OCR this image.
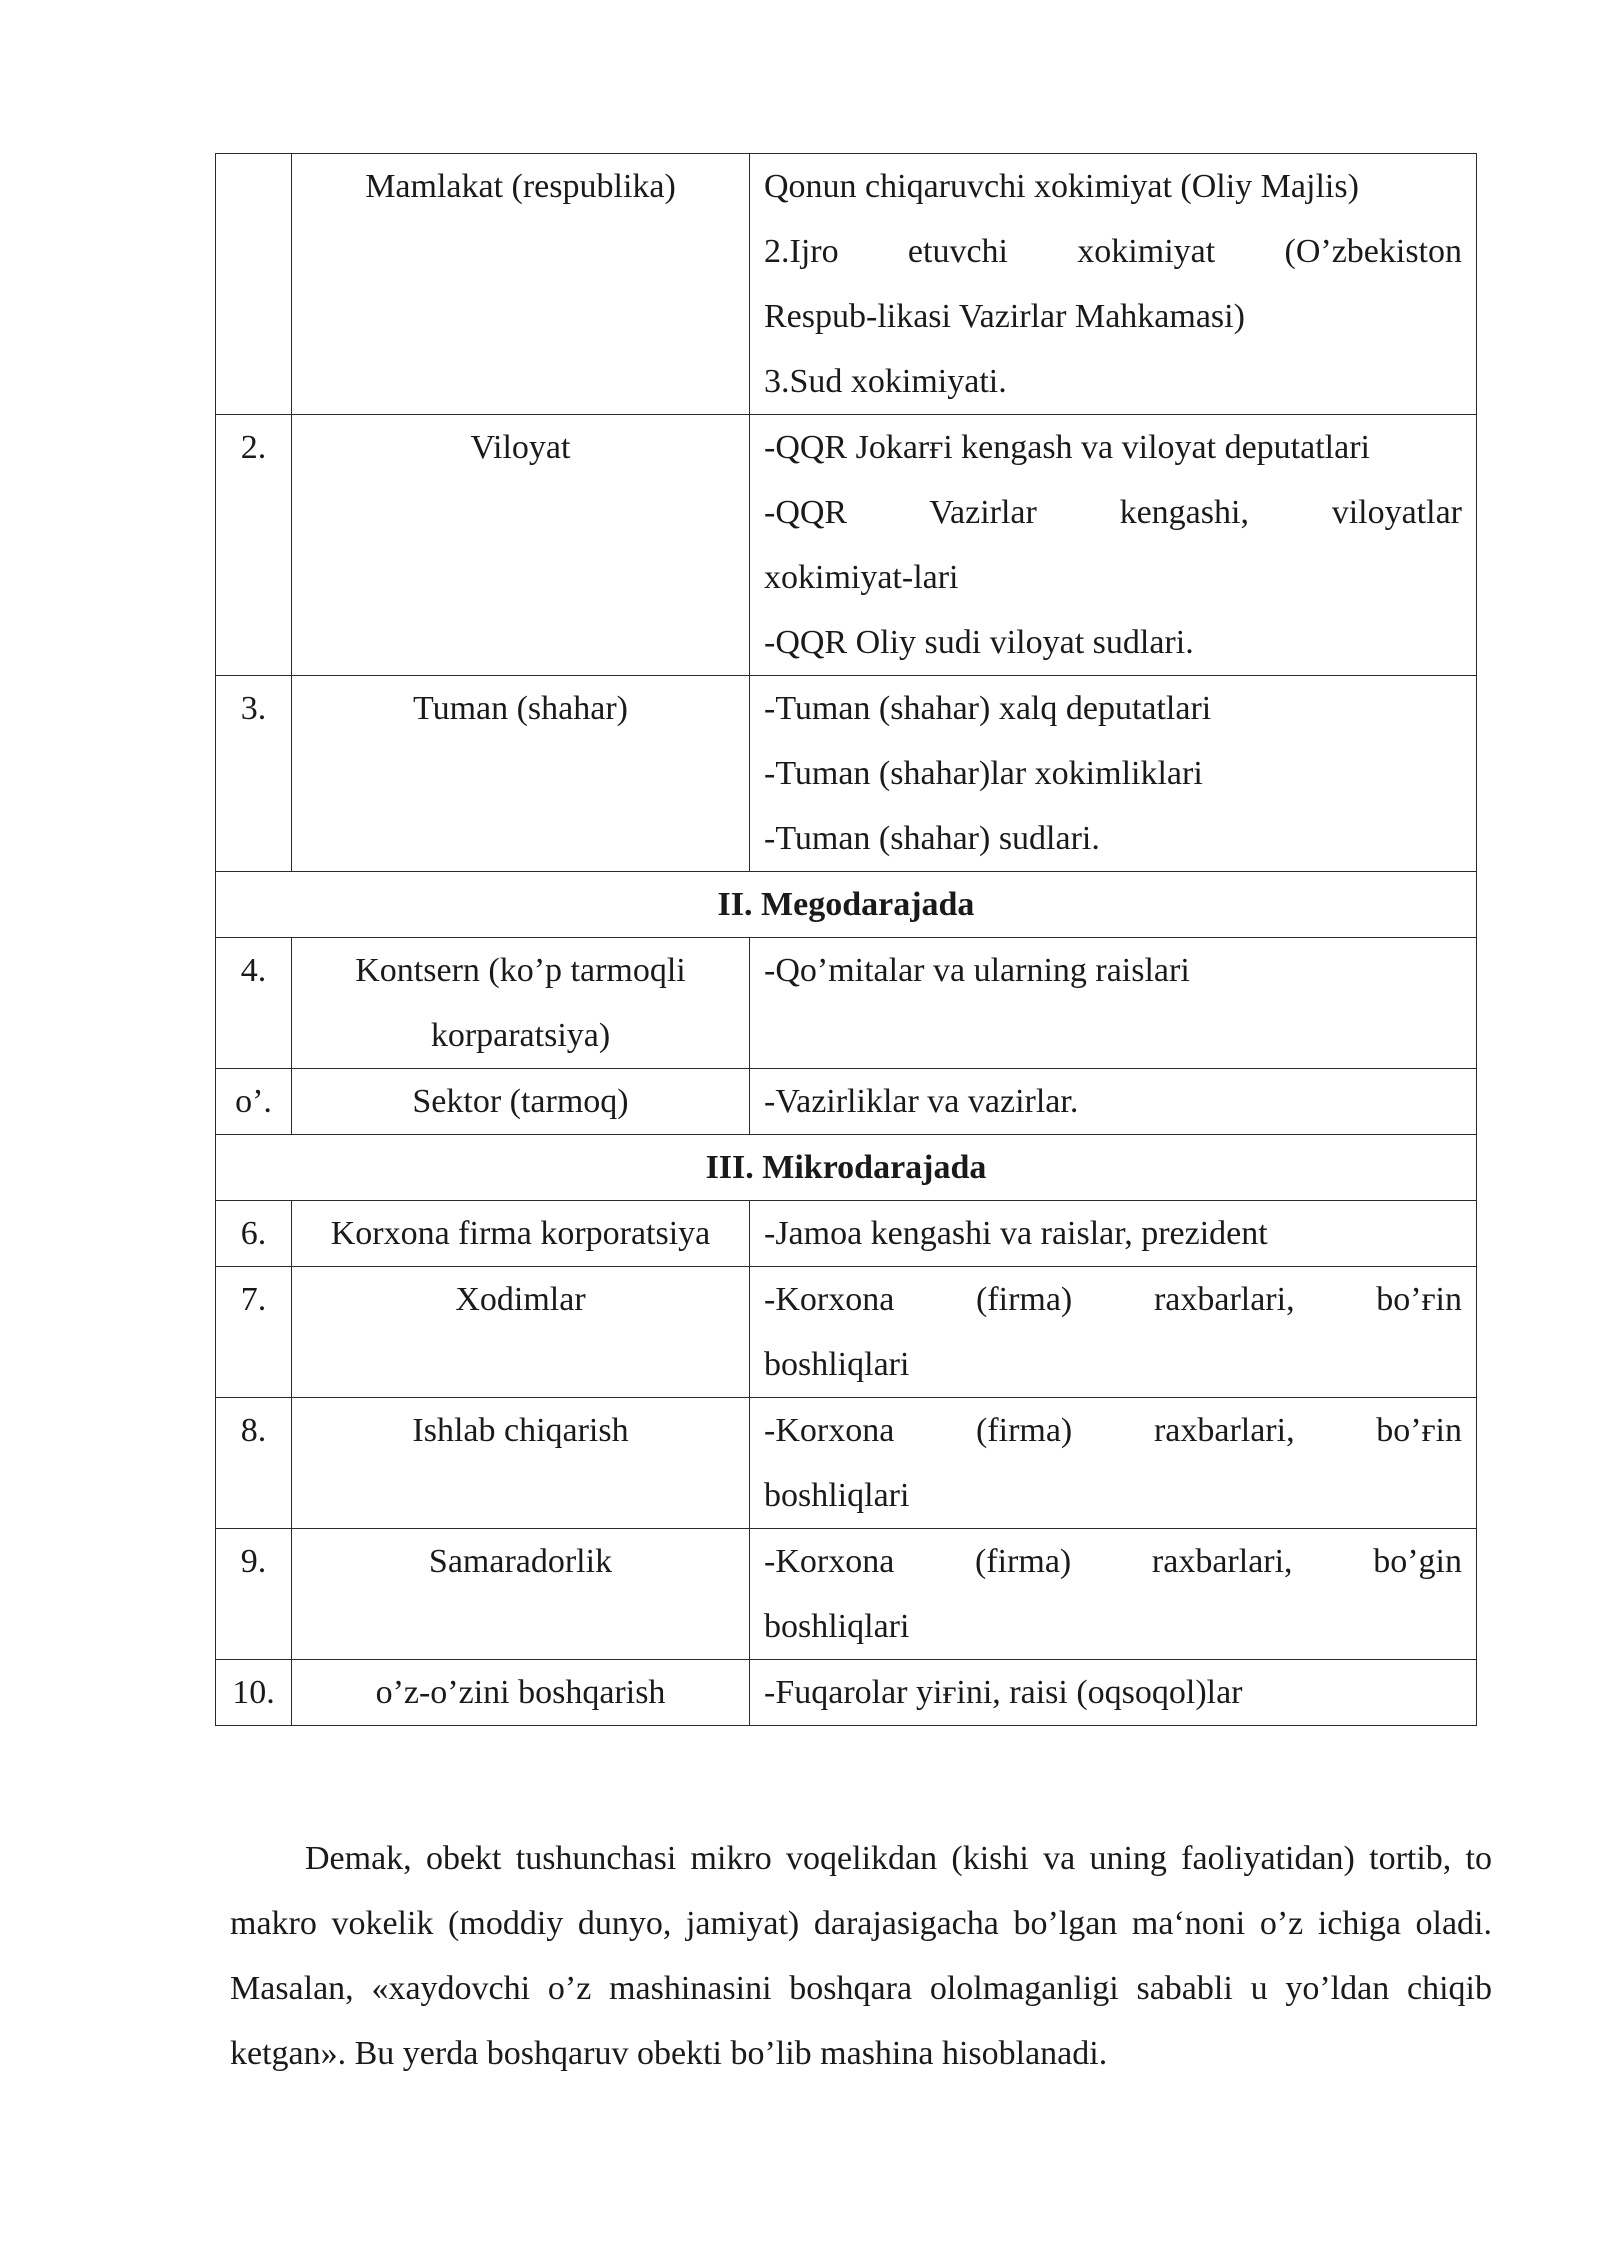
	Mamlakat (respublika)	Qonun chiqaruvchi xokimiyat (Oliy Majlis)
2.Ijro etuvchi xokimiyat (O’zbekiston
Respub-likasi Vazirlar Mahkamasi)
3.Sud xokimiyati.

2.	Viloyat	-QQR Jokarғi kengash va viloyat deputatlari
-QQR Vazirlar kengashi, viloyatlar
xokimiyat-lari
-QQR Oliy sudi viloyat sudlari.

3.	Tuman (shahar)	-Tuman (shahar) xalq deputatlari
-Tuman (shahar)lar xokimliklari
-Tuman (shahar) sudlari.

II. Megodarajada		
4.	Kontsern (ko’p tarmoqli korparatsiya)	-Qo’mitalar va ularning raislari

o’.	Sektor (tarmoq)	-Vazirliklar va vazirlar.

III. Mikrodarajada		
6.	Korxona firma korporatsiya	-Jamoa kengashi va raislar, prezident

7.	Xodimlar	-Korxona (firma) raxbarlari, bo’ғin
boshliqlari

8.	Ishlab chiqarish	-Korxona (firma) raxbarlari, bo’ғin
boshliqlari

9.	Samaradorlik	-Korxona (firma) raxbarlari, bo’gin
boshliqlari

10.	o’z-o’zini boshqarish	-Fuqarolar yiғini, raisi (oqsoqol)lar

Demak, obekt tushunchasi mikro voqelikdan (kishi va uning faoliyatidan) tortib, to makro vokelik (moddiy dunyo, jamiyat) darajasigacha bo’lgan ma‘noni o’z ichiga oladi. Masalan, «xaydovchi o’z mashinasini boshqara ololmaganligi sababli u yo’ldan chiqib ketgan». Bu yerda boshqaruv obekti bo’lib mashina hisoblanadi.
